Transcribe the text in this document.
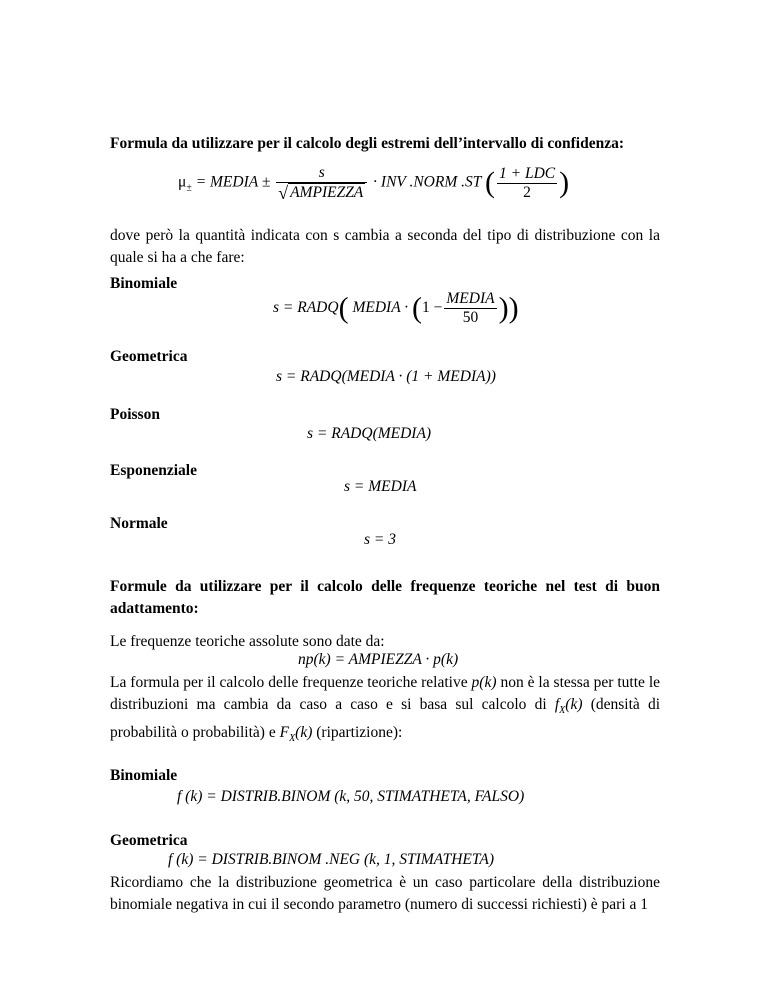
Formula da utilizzare per il calcolo degli estremi dell’intervallo di confidenza:
$\mu_\pm$ = MEDIA ± $\frac{s}{\text{√ AMPIEZZA}}$ · INV .NORM .ST ( $\frac{\text{1 + LDC}}{2}$ )
dove però la quantità indicata con s cambia a seconda del tipo di distribuzione con la quale si ha a che fare:
Binomiale
s = RADQ( MEDIA · ($1 - \frac{\text{MEDIA}}{50}$ ))
Geometrica
s = RADQ(MEDIA · (1 + MEDIA))
Poisson
s = RADQ(MEDIA)
Esponenziale
s = MEDIA
Normale
s = 3
Formule da utilizzare per il calcolo delle frequenze teoriche nel test di buon adattamento:
Le frequenze teoriche assolute sono date da:
np(k) = AMPIEZZA · p(k)
La formula per il calcolo delle frequenze teoriche relative p(k) non è la stessa per tutte le distribuzioni ma cambia da caso a caso e si basa sul calcolo di $f_X(k)$ (densità di probabilità o probabilità) e $F_X(k)$ (ripartizione):
Binomiale
f (k) = DISTRIB.BINOM (k, 50, STIMATHETA, FALSO)
Geometrica
f (k) = DISTRIB.BINOM .NEG (k, 1, STIMATHETA)
Ricordiamo che la distribuzione geometrica è un caso particolare della distribuzione binomiale negativa in cui il secondo parametro (numero di successi richiesti) è pari a 1
